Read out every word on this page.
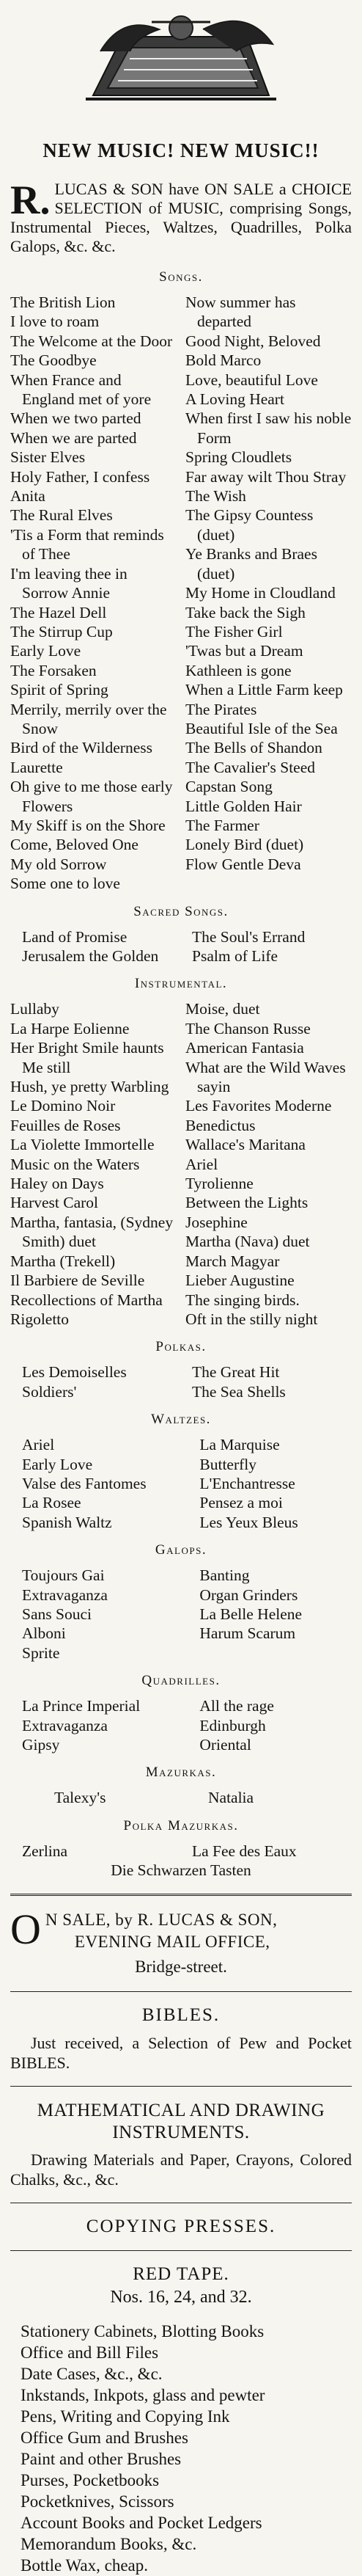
NEW MUSIC! NEW MUSIC!!
R. LUCAS & SON have ON SALE a CHOICE SELECTION of MUSIC, comprising Songs, Instrumental Pieces, Waltzes, Quadrilles, Polka Galops, &c. &c.
Songs.
The British Lion
I love to roam
The Welcome at the Door
The Goodbye
When France and England met of yore
When we two parted
When we are parted
Sister Elves
Holy Father, I confess
Anita
The Rural Elves
'Tis a Form that reminds of Thee
I'm leaving thee in Sorrow Annie
The Hazel Dell
The Stirrup Cup
Early Love
The Forsaken
Spirit of Spring
Merrily, merrily over the Snow
Bird of the Wilderness
Laurette
Oh give to me those early Flowers
My Skiff is on the Shore
Come, Beloved One
My old Sorrow
Some one to love
Now summer has departed
Good Night, Beloved
Bold Marco
Love, beautiful Love
A Loving Heart
When first I saw his noble Form
Spring Cloudlets
Far away wilt Thou Stray
The Wish
The Gipsy Countess (duet)
Ye Branks and Braes (duet)
My Home in Cloudland
Take back the Sigh
The Fisher Girl
'Twas but a Dream
Kathleen is gone
When a Little Farm keep
The Pirates
Beautiful Isle of the Sea
The Bells of Shandon
The Cavalier's Steed
Capstan Song
Little Golden Hair
The Farmer
Lonely Bird (duet)
Flow Gentle Deva
Sacred Songs.
Land of Promise	The Soul's Errand
Jerusalem the Golden	Psalm of Life
Instrumental.
Lullaby
La Harpe Eolienne
Her Bright Smile haunts Me still
Hush, ye pretty Warbling
Le Domino Noir
Feuilles de Roses
La Violette Immortelle
Music on the Waters
Haley on Days
Harvest Carol
Martha, fantasia, (Sydney Smith) duet
Martha (Trekell)
Il Barbiere de Seville
Recollections of Martha
Rigoletto
Moise, duet
The Chanson Russe
American Fantasia
What are the Wild Waves sayin
Les Favorites Moderne
Benedictus
Wallace's Maritana
Ariel
Tyrolienne
Between the Lights
Josephine
Martha (Nava) duet
March Magyar
Lieber Augustine
The singing birds.
Oft in the stilly night
Polkas.
Les Demoiselles	The Great Hit
Soldiers'	The Sea Shells
Waltzes.
Ariel	La Marquise
Early Love	Butterfly
Valse des Fantomes	L'Enchantresse
La Rosee	Pensez a moi
Spanish Waltz	Les Yeux Bleus
Galops.
Toujours Gai	Banting
Extravaganza	Organ Grinders
Sans Souci	La Belle Helene
Alboni	Harum Scarum
Sprite
Quadrilles.
La Prince Imperial	All the rage
Extravaganza	Edinburgh
Gipsy	Oriental
Mazurkas.
Talexy's	Natalia
Polka Mazurkas.
Zerlina	La Fee des Eaux
Die Schwarzen Tasten
O N SALE, by R. LUCAS & SON,
EVENING MAIL OFFICE,
Bridge-street.
BIBLES.
Just received, a Selection of Pew and Pocket BIBLES.
MATHEMATICAL AND DRAWING INSTRUMENTS.
Drawing Materials and Paper, Crayons, Colored Chalks, &c., &c.
COPYING PRESSES.
RED TAPE.
Nos. 16, 24, and 32.
Stationery Cabinets, Blotting Books
Office and Bill Files
Date Cases, &c., &c.
Inkstands, Inkpots, glass and pewter
Pens, Writing and Copying Ink
Office Gum and Brushes
Paint and other Brushes
Purses, Pocketbooks
Pocketknives, Scissors
Account Books and Pocket Ledgers
Memorandum Books, &c.
Bottle Wax, cheap.
